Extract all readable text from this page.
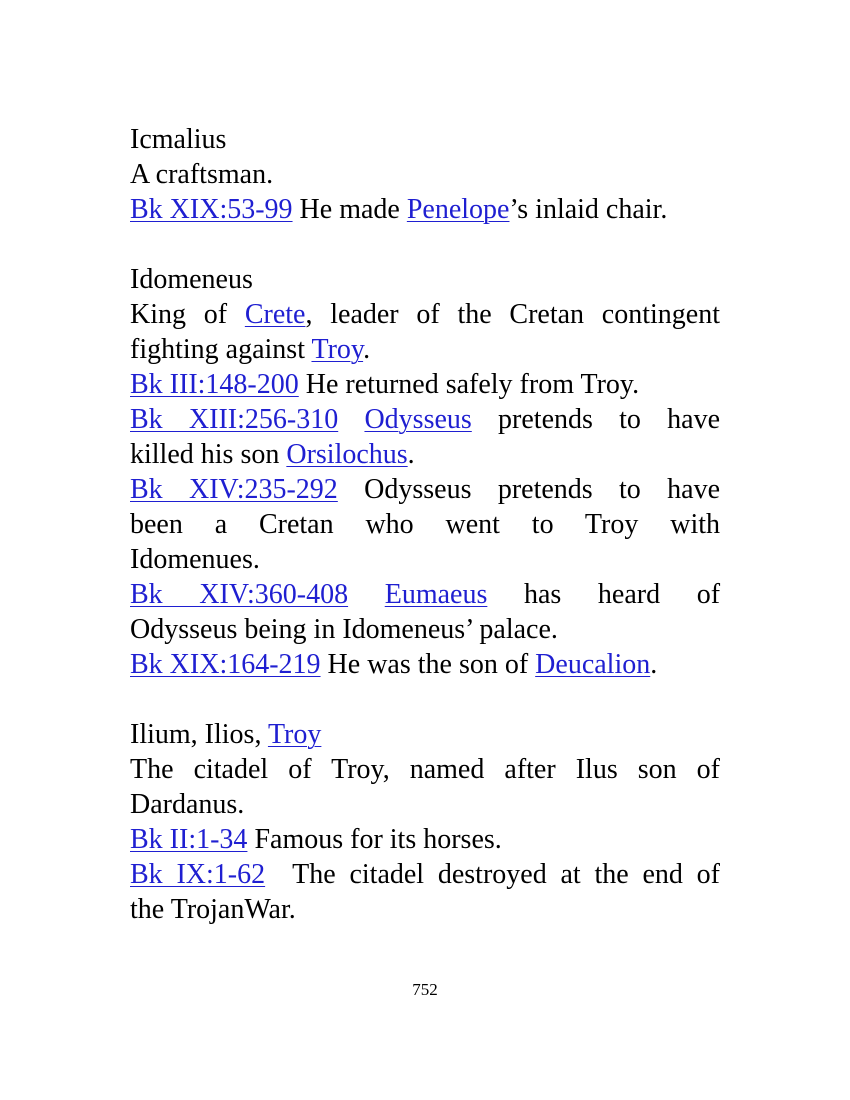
Icmalius
A craftsman.
Bk XIX:53-99 He made Penelope’s inlaid chair.
Idomeneus
King of Crete, leader of the Cretan contingent
fighting against Troy.
Bk III:148-200 He returned safely from Troy.
Bk XIII:256-310 Odysseus pretends to have
killed his son Orsilochus.
Bk XIV:235-292 Odysseus pretends to have
been a Cretan who went to Troy with
Idomenues.
Bk XIV:360-408 Eumaeus has heard of
Odysseus being in Idomeneus’ palace.
Bk XIX:164-219 He was the son of Deucalion.
Ilium, Ilios, Troy
The citadel of Troy, named after Ilus son of
Dardanus.
Bk II:1-34 Famous for its horses.
Bk IX:1-62 The citadel destroyed at the end of
the TrojanWar.
752
